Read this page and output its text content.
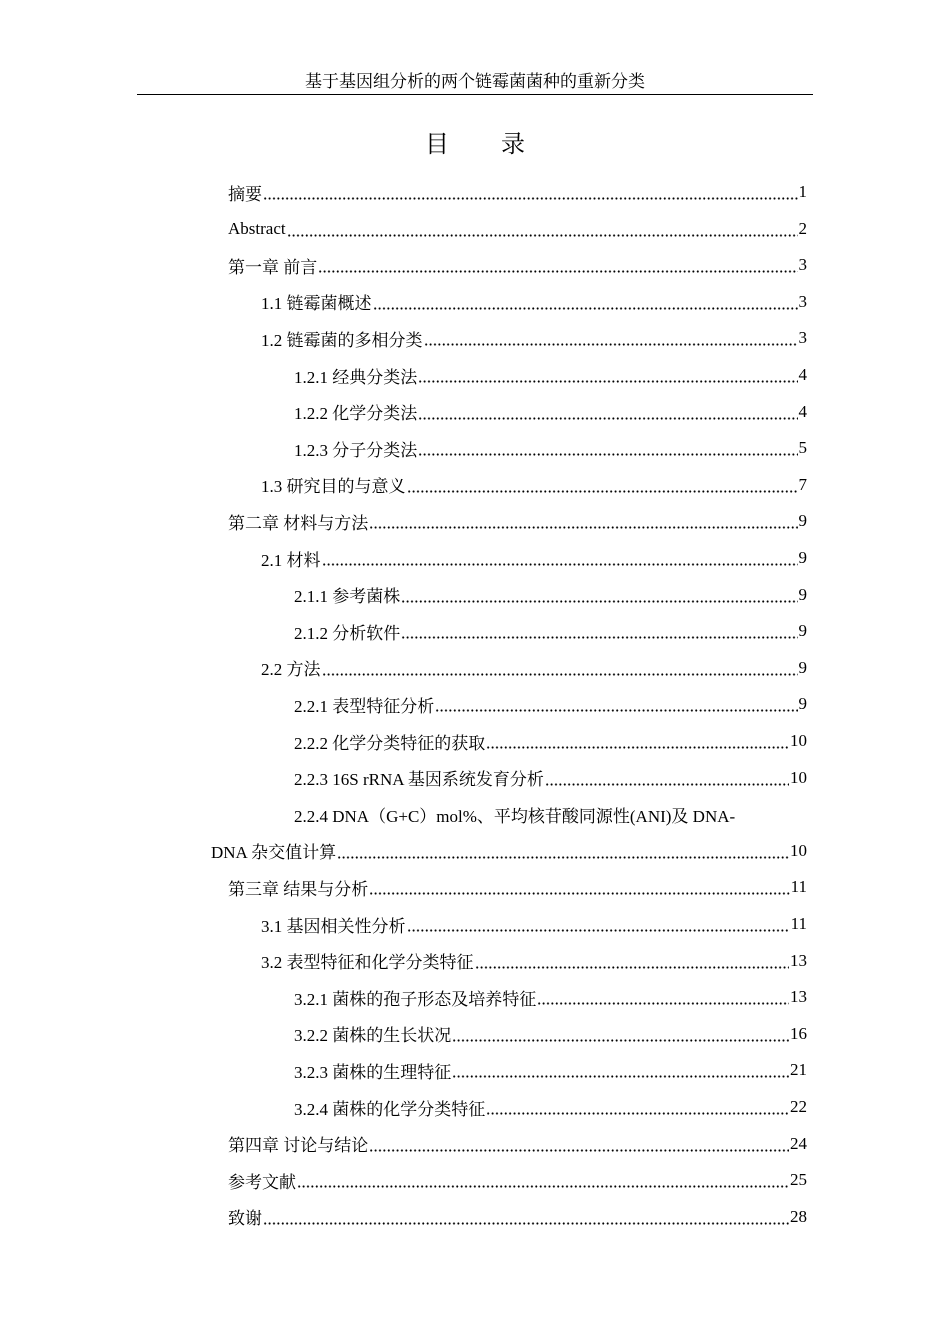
基于基因组分析的两个链霉菌菌种的重新分类
目 录
摘要	1
Abstract	2
第一章 前言	3
1.1 链霉菌概述	3
1.2 链霉菌的多相分类	3
1.2.1 经典分类法	4
1.2.2 化学分类法	4
1.2.3 分子分类法	5
1.3 研究目的与意义	7
第二章 材料与方法	9
2.1 材料	9
2.1.1 参考菌株	9
2.1.2 分析软件	9
2.2 方法	9
2.2.1 表型特征分析	9
2.2.2 化学分类特征的获取	10
2.2.3 16S rRNA 基因系统发育分析	10
2.2.4 DNA（G+C）mol%、平均核苷酸同源性(ANI)及 DNA-
DNA 杂交值计算	10
第三章 结果与分析	11
3.1 基因相关性分析	11
3.2 表型特征和化学分类特征	13
3.2.1 菌株的孢子形态及培养特征	13
3.2.2 菌株的生长状况	16
3.2.3 菌株的生理特征	21
3.2.4 菌株的化学分类特征	22
第四章 讨论与结论	24
参考文献	25
致谢	28
